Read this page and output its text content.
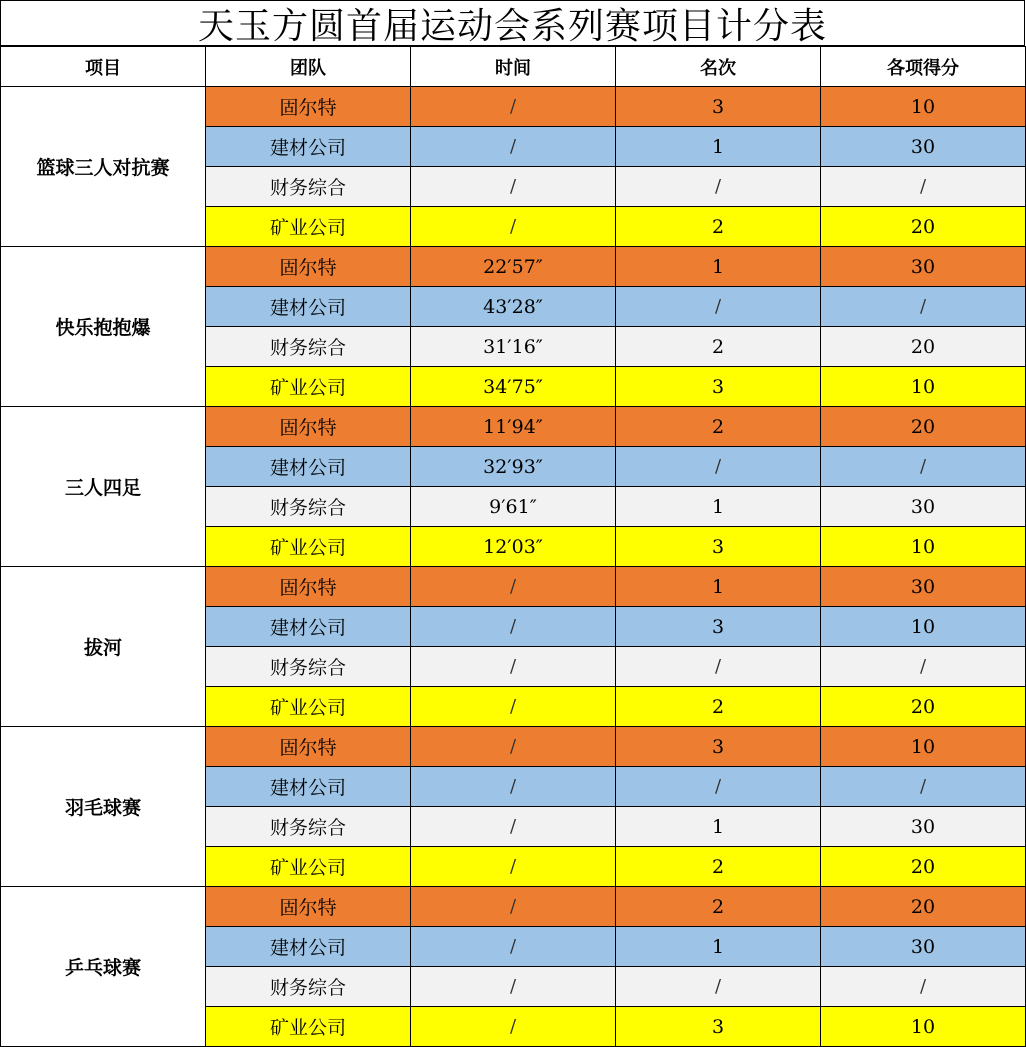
天玉方圆首届运动会系列赛项目计分表
项目	团队	时间	名次	各项得分
篮球三人对抗赛	固尔特	/	3	10
	建材公司	/	1	30
	财务综合	/	/	/
	矿业公司	/	2	20
快乐抱抱爆	固尔特	22′57″	1	30
	建材公司	43′28″	/	/
	财务综合	31′16″	2	20
	矿业公司	34′75″	3	10
三人四足	固尔特	11′94″	2	20
	建材公司	32′93″	/	/
	财务综合	9′61″	1	30
	矿业公司	12′03″	3	10
拔河	固尔特	/	1	30
	建材公司	/	3	10
	财务综合	/	/	/
	矿业公司	/	2	20
羽毛球赛	固尔特	/	3	10
	建材公司	/	/	/
	财务综合	/	1	30
	矿业公司	/	2	20
乒乓球赛	固尔特	/	2	20
	建材公司	/	1	30
	财务综合	/	/	/
	矿业公司	/	3	10
